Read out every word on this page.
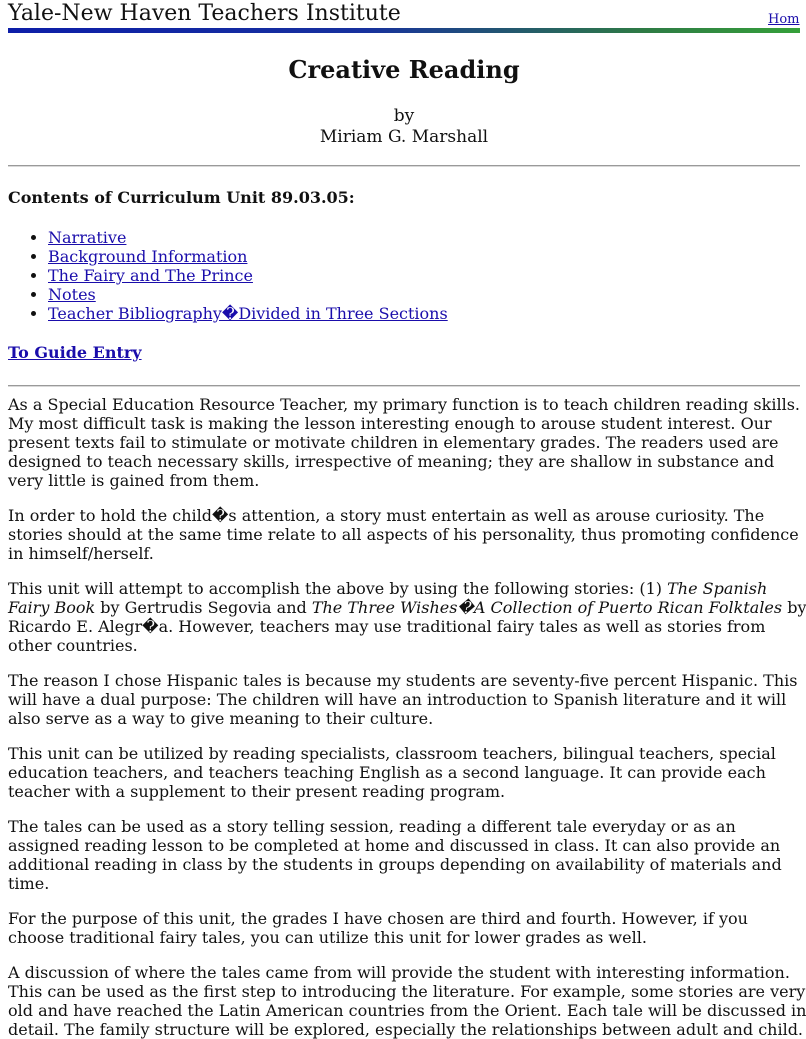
Yale-New Haven Teachers Institute	Hom
Creative Reading
by
Miriam G. Marshall
Contents of Curriculum Unit 89.03.05:
• Narrative
• Background Information
• The Fairy and The Prince
• Notes
• Teacher Bibliography�Divided in Three Sections
To Guide Entry

As a Special Education Resource Teacher, my primary function is to teach children reading skills.

My most difficult task is making the lesson interesting enough to arouse student interest. Our

present texts fail to stimulate or motivate children in elementary grades. The readers used are

designed to teach necessary skills, irrespective of meaning; they are shallow in substance and

very little is gained from them.

In order to hold the child�s attention, a story must entertain as well as arouse curiosity. The

stories should at the same time relate to all aspects of his personality, thus promoting confidence

in himself/herself.

This unit will attempt to accomplish the above by using the following stories: (1) The Spanish

Fairy Book by Gertrudis Segovia and The Three Wishes�A Collection of Puerto Rican Folktales by

Ricardo E. Alegr�a. However, teachers may use traditional fairy tales as well as stories from

other countries.

The reason I chose Hispanic tales is because my students are seventy-five percent Hispanic. This

will have a dual purpose: The children will have an introduction to Spanish literature and it will

also serve as a way to give meaning to their culture.

This unit can be utilized by reading specialists, classroom teachers, bilingual teachers, special

education teachers, and teachers teaching English as a second language. It can provide each

teacher with a supplement to their present reading program.

The tales can be used as a story telling session, reading a different tale everyday or as an

assigned reading lesson to be completed at home and discussed in class. It can also provide an

additional reading in class by the students in groups depending on availability of materials and

time.

For the purpose of this unit, the grades I have chosen are third and fourth. However, if you

choose traditional fairy tales, you can utilize this unit for lower grades as well.

A discussion of where the tales came from will provide the student with interesting information.

This can be used as the first step to introducing the literature. For example, some stories are very

old and have reached the Latin American countries from the Orient. Each tale will be discussed in

detail. The family structure will be explored, especially the relationships between adult and child.
